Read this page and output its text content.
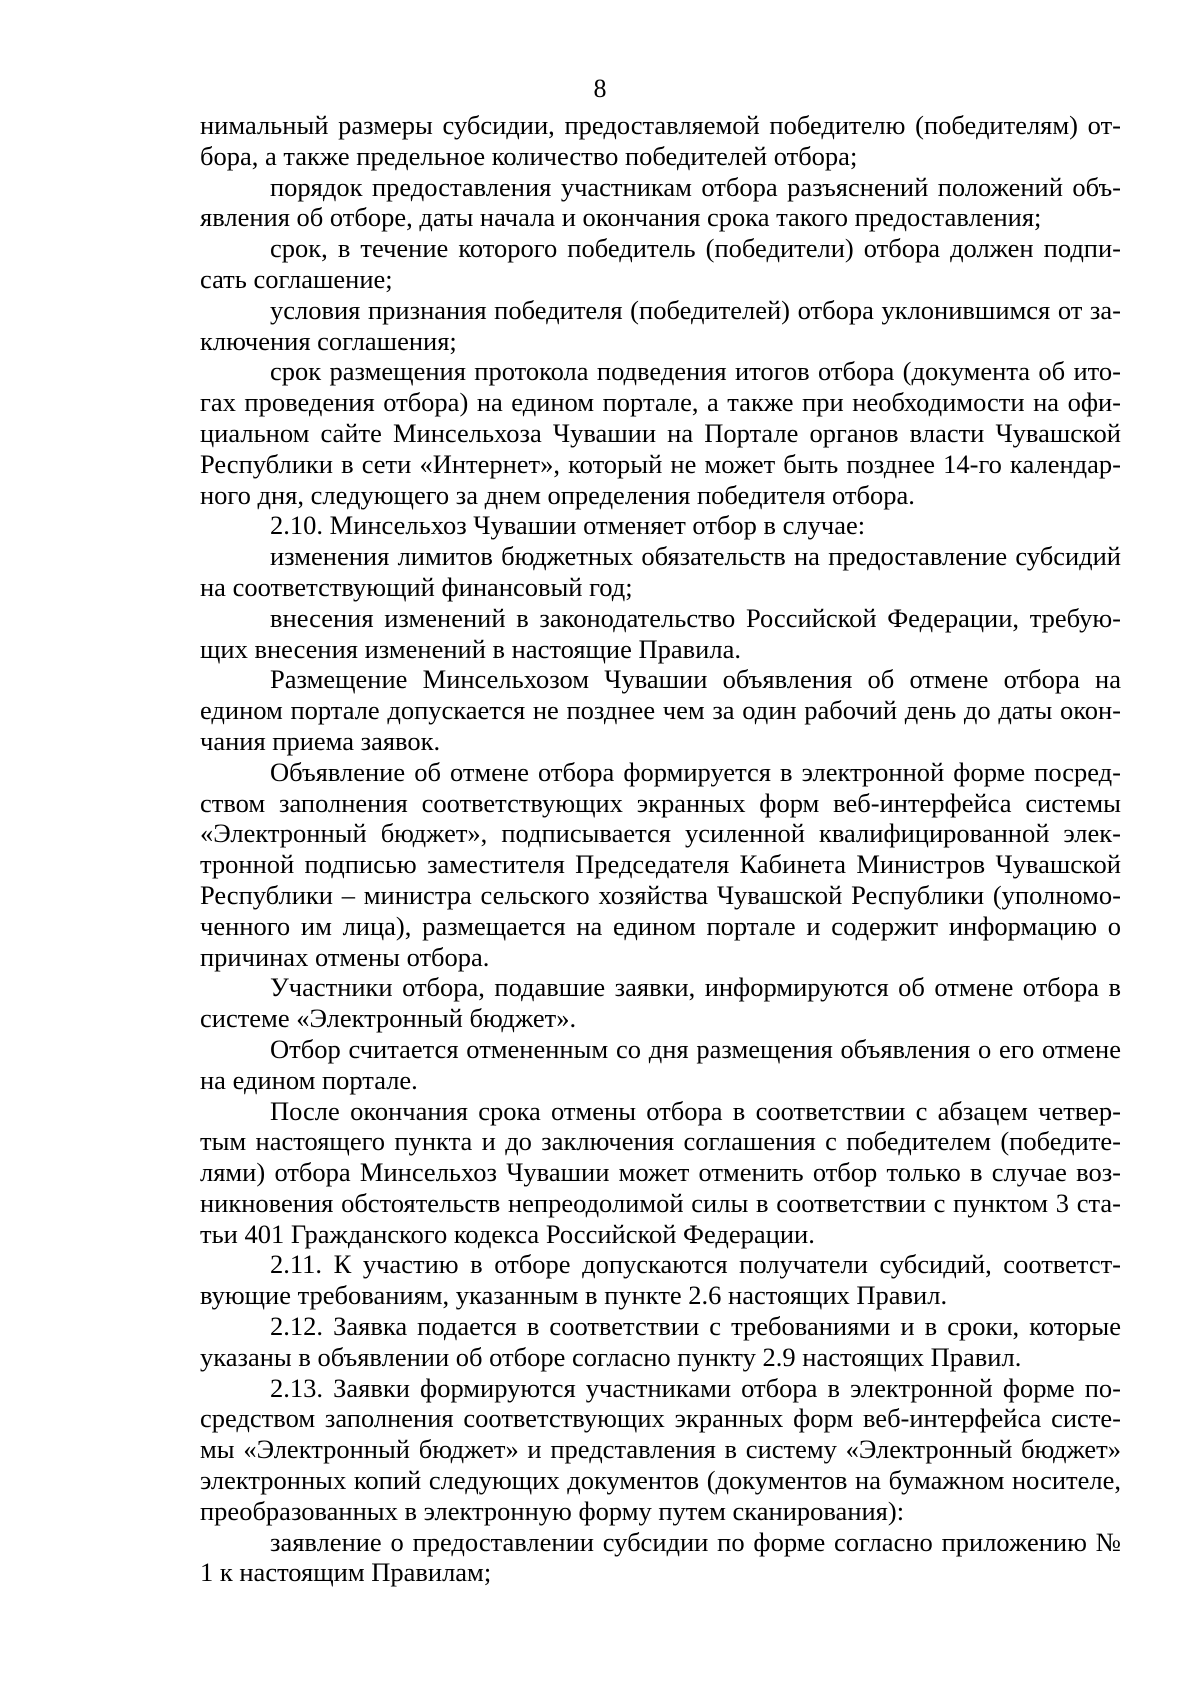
8

нимальный размеры субсидии, предоставляемой победителю (победителям) отбора, а также предельное количество победителей отбора;

порядок предоставления участникам отбора разъяснений положений объявления об отборе, даты начала и окончания срока такого предоставления;

срок, в течение которого победитель (победители) отбора должен подписать соглашение;

условия признания победителя (победителей) отбора уклонившимся от заключения соглашения;

срок размещения протокола подведения итогов отбора (документа об итогах проведения отбора) на едином портале, а также при необходимости на официальном сайте Минсельхоза Чувашии на Портале органов власти Чувашской Республики в сети «Интернет», который не может быть позднее 14-го календарного дня, следующего за днем определения победителя отбора.

2.10. Минсельхоз Чувашии отменяет отбор в случае:

изменения лимитов бюджетных обязательств на предоставление субсидий на соответствующий финансовый год;

внесения изменений в законодательство Российской Федерации, требующих внесения изменений в настоящие Правила.

Размещение Минсельхозом Чувашии объявления об отмене отбора на едином портале допускается не позднее чем за один рабочий день до даты окончания приема заявок.

Объявление об отмене отбора формируется в электронной форме посредством заполнения соответствующих экранных форм веб-интерфейса системы «Электронный бюджет», подписывается усиленной квалифицированной электронной подписью заместителя Председателя Кабинета Министров Чувашской Республики – министра сельского хозяйства Чувашской Республики (уполномоченного им лица), размещается на едином портале и содержит информацию о причинах отмены отбора.

Участники отбора, подавшие заявки, информируются об отмене отбора в системе «Электронный бюджет».

Отбор считается отмененным со дня размещения объявления о его отмене на едином портале.

После окончания срока отмены отбора в соответствии с абзацем четвертым настоящего пункта и до заключения соглашения с победителем (победителями) отбора Минсельхоз Чувашии может отменить отбор только в случае возникновения обстоятельств непреодолимой силы в соответствии с пунктом 3 статьи 401 Гражданского кодекса Российской Федерации.

2.11. К участию в отборе допускаются получатели субсидий, соответствующие требованиям, указанным в пункте 2.6 настоящих Правил.

2.12. Заявка подается в соответствии с требованиями и в сроки, которые указаны в объявлении об отборе согласно пункту 2.9 настоящих Правил.

2.13. Заявки формируются участниками отбора в электронной форме посредством заполнения соответствующих экранных форм веб-интерфейса системы «Электронный бюджет» и представления в систему «Электронный бюджет» электронных копий следующих документов (документов на бумажном носителе, преобразованных в электронную форму путем сканирования):

заявление о предоставлении субсидии по форме согласно приложению № 1 к настоящим Правилам;
